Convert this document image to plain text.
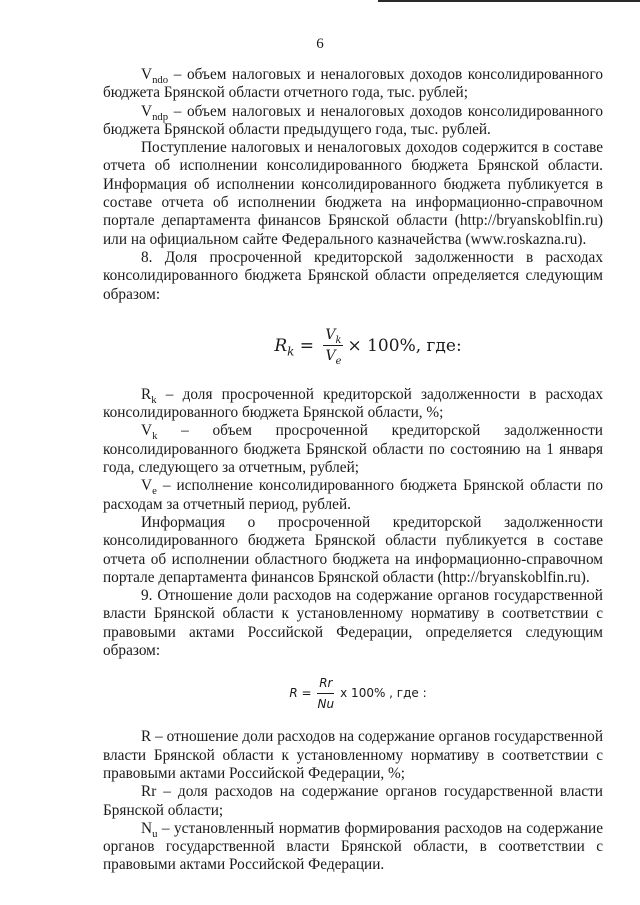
6

$V_{ndo}$ – объем налоговых и неналоговых доходов консолидированного бюджета Брянской области отчетного года, тыс. рублей;

$V_{ndp}$ – объем налоговых и неналоговых доходов консолидированного бюджета Брянской области предыдущего года, тыс. рублей.

Поступление налоговых и неналоговых доходов содержится в составе отчета об исполнении консолидированного бюджета Брянской области. Информация об исполнении консолидированного бюджета публикуется в составе отчета об исполнении бюджета на информационно-справочном портале департамента финансов Брянской области (http://bryanskoblfin.ru) или на официальном сайте Федерального казначейства (www.roskazna.ru).

8. Доля просроченной кредиторской задолженности в расходах консолидированного бюджета Брянской области определяется следующим образом:

$R_k = \frac{V_k}{V_e} \times 100\%$, где:

$R_k$ – доля просроченной кредиторской задолженности в расходах консолидированного бюджета Брянской области, %;

$V_k$ – объем просроченной кредиторской задолженности консолидированного бюджета Брянской области по состоянию на 1 января года, следующего за отчетным, рублей;

$V_e$ – исполнение консолидированного бюджета Брянской области по расходам за отчетный период, рублей.

Информация о просроченной кредиторской задолженности консолидированного бюджета Брянской области публикуется в составе отчета об исполнении областного бюджета на информационно-справочном портале департамента финансов Брянской области (http://bryanskoblfin.ru).

9. Отношение доли расходов на содержание органов государственной власти Брянской области к установленному нормативу в соответствии с правовыми актами Российской Федерации, определяется следующим образом:

$R = \frac{Rr}{Nu}$ x 100% , где :

R – отношение доли расходов на содержание органов государственной власти Брянской области к установленному нормативу в соответствии с правовыми актами Российской Федерации, %;

Rr – доля расходов на содержание органов государственной власти Брянской области;

$N_u$ – установленный норматив формирования расходов на содержание органов государственной власти Брянской области, в соответствии с правовыми актами Российской Федерации.
